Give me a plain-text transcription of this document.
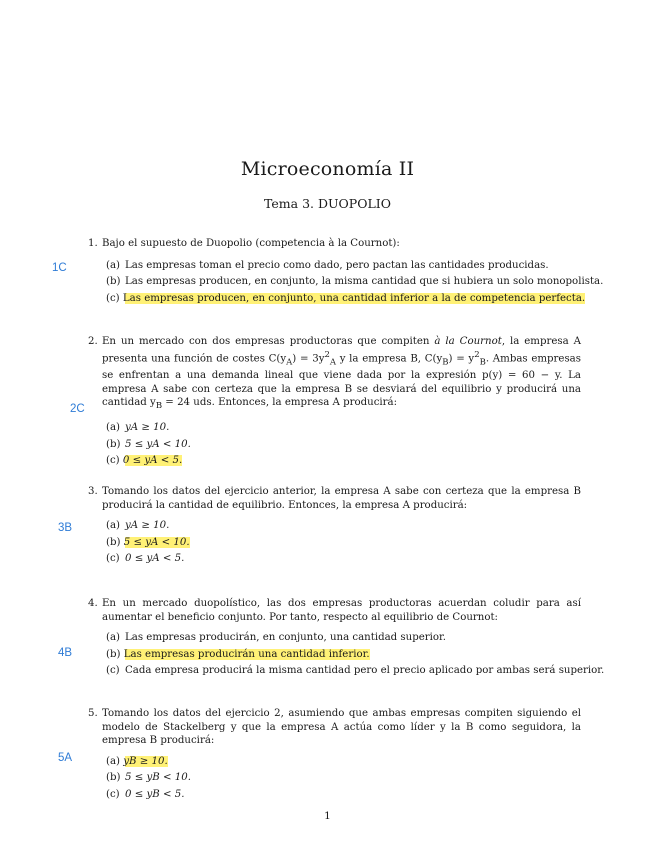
Microeconomía II
Tema 3. DUOPOLIO
1C
1. Bajo el supuesto de Duopolio (competencia à la Cournot):
(a) Las empresas toman el precio como dado, pero pactan las cantidades producidas.
(b) Las empresas producen, en conjunto, la misma cantidad que si hubiera un solo monopolista.
(c) Las empresas producen, en conjunto, una cantidad inferior a la de competencia perfecta.
2C
2. En un mercado con dos empresas productoras que compiten à la Cournot, la empresa A presenta una función de costes $C(y_A) = 3y^2_A$ y la empresa B, $C(y_B) = y^2_B$. Ambas empresas se enfrentan a una demanda lineal que viene dada por la expresión p(y) = 60 − y. La empresa A sabe con certeza que la empresa B se desviará del equilibrio y producirá una cantidad $y_B = 24$ uds. Entonces, la empresa A producirá:
(a) yA ≥ 10.
(b) 5 ≤ yA < 10.
(c) 0 ≤ yA < 5.
3B
3. Tomando los datos del ejercicio anterior, la empresa A sabe con certeza que la empresa B producirá la cantidad de equilibrio. Entonces, la empresa A producirá:
(a) yA ≥ 10.
(b) 5 ≤ yA < 10.
(c) 0 ≤ yA < 5.
4B
4. En un mercado duopolístico, las dos empresas productoras acuerdan coludir para así aumentar el beneficio conjunto. Por tanto, respecto al equilibrio de Cournot:
(a) Las empresas producirán, en conjunto, una cantidad superior.
(b) Las empresas producirán una cantidad inferior.
(c) Cada empresa producirá la misma cantidad pero el precio aplicado por ambas será superior.
5A
5. Tomando los datos del ejercicio 2, asumiendo que ambas empresas compiten siguiendo el modelo de Stackelberg y que la empresa A actúa como líder y la B como seguidora, la empresa B producirá:
(a) yB ≥ 10.
(b) 5 ≤ yB < 10.
(c) 0 ≤ yB < 5.
1
